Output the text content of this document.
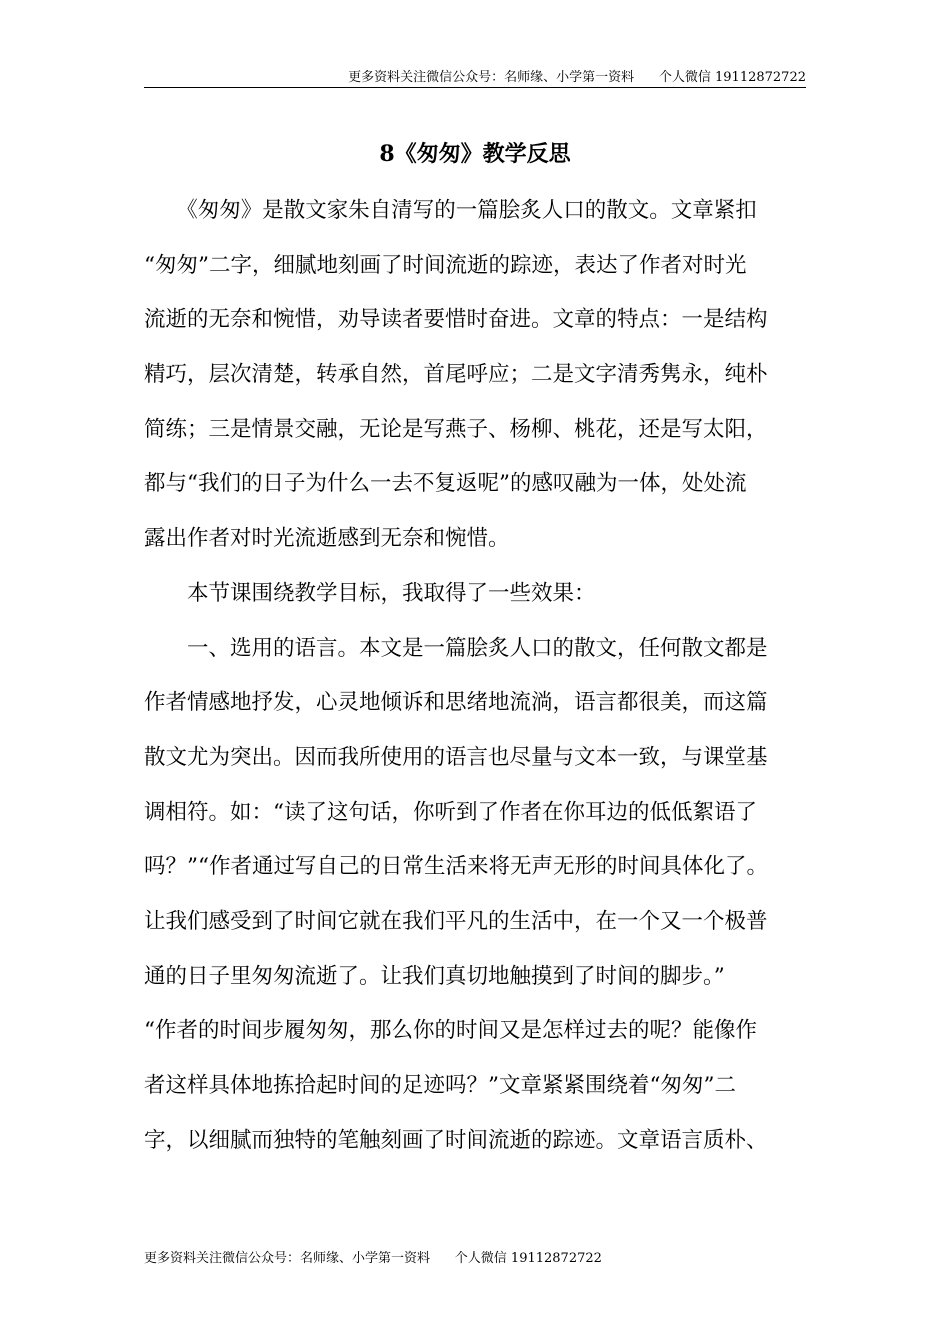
更多资料关注微信公众号：名师缘、小学第一资料      个人微信 19112872722
8《匆匆》教学反思
　　《匆匆》是散文家朱自清写的一篇脍炙人口的散文。文章紧扣
“匆匆”二字，细腻地刻画了时间流逝的踪迹，表达了作者对时光
流逝的无奈和惋惜，劝导读者要惜时奋进。文章的特点：一是结构
精巧，层次清楚，转承自然，首尾呼应；二是文字清秀隽永，纯朴
简练；三是情景交融，无论是写燕子、杨柳、桃花，还是写太阳，
都与“我们的日子为什么一去不复返呢”的感叹融为一体，处处流
露出作者对时光流逝感到无奈和惋惜。
　　本节课围绕教学目标，我取得了一些效果：
　　一、选用的语言。本文是一篇脍炙人口的散文，任何散文都是
作者情感地抒发，心灵地倾诉和思绪地流淌，语言都很美，而这篇
散文尤为突出。因而我所使用的语言也尽量与文本一致，与课堂基
调相符。如：“读了这句话，你听到了作者在你耳边的低低絮语了
吗？”“作者通过写自己的日常生活来将无声无形的时间具体化了。
让我们感受到了时间它就在我们平凡的生活中，在一个又一个极普
通的日子里匆匆流逝了。让我们真切地触摸到了时间的脚步。”
“作者的时间步履匆匆，那么你的时间又是怎样过去的呢？能像作
者这样具体地拣拾起时间的足迹吗？”文章紧紧围绕着“匆匆”二
字，以细腻而独特的笔触刻画了时间流逝的踪迹。文章语言质朴、
更多资料关注微信公众号：名师缘、小学第一资料      个人微信 19112872722
